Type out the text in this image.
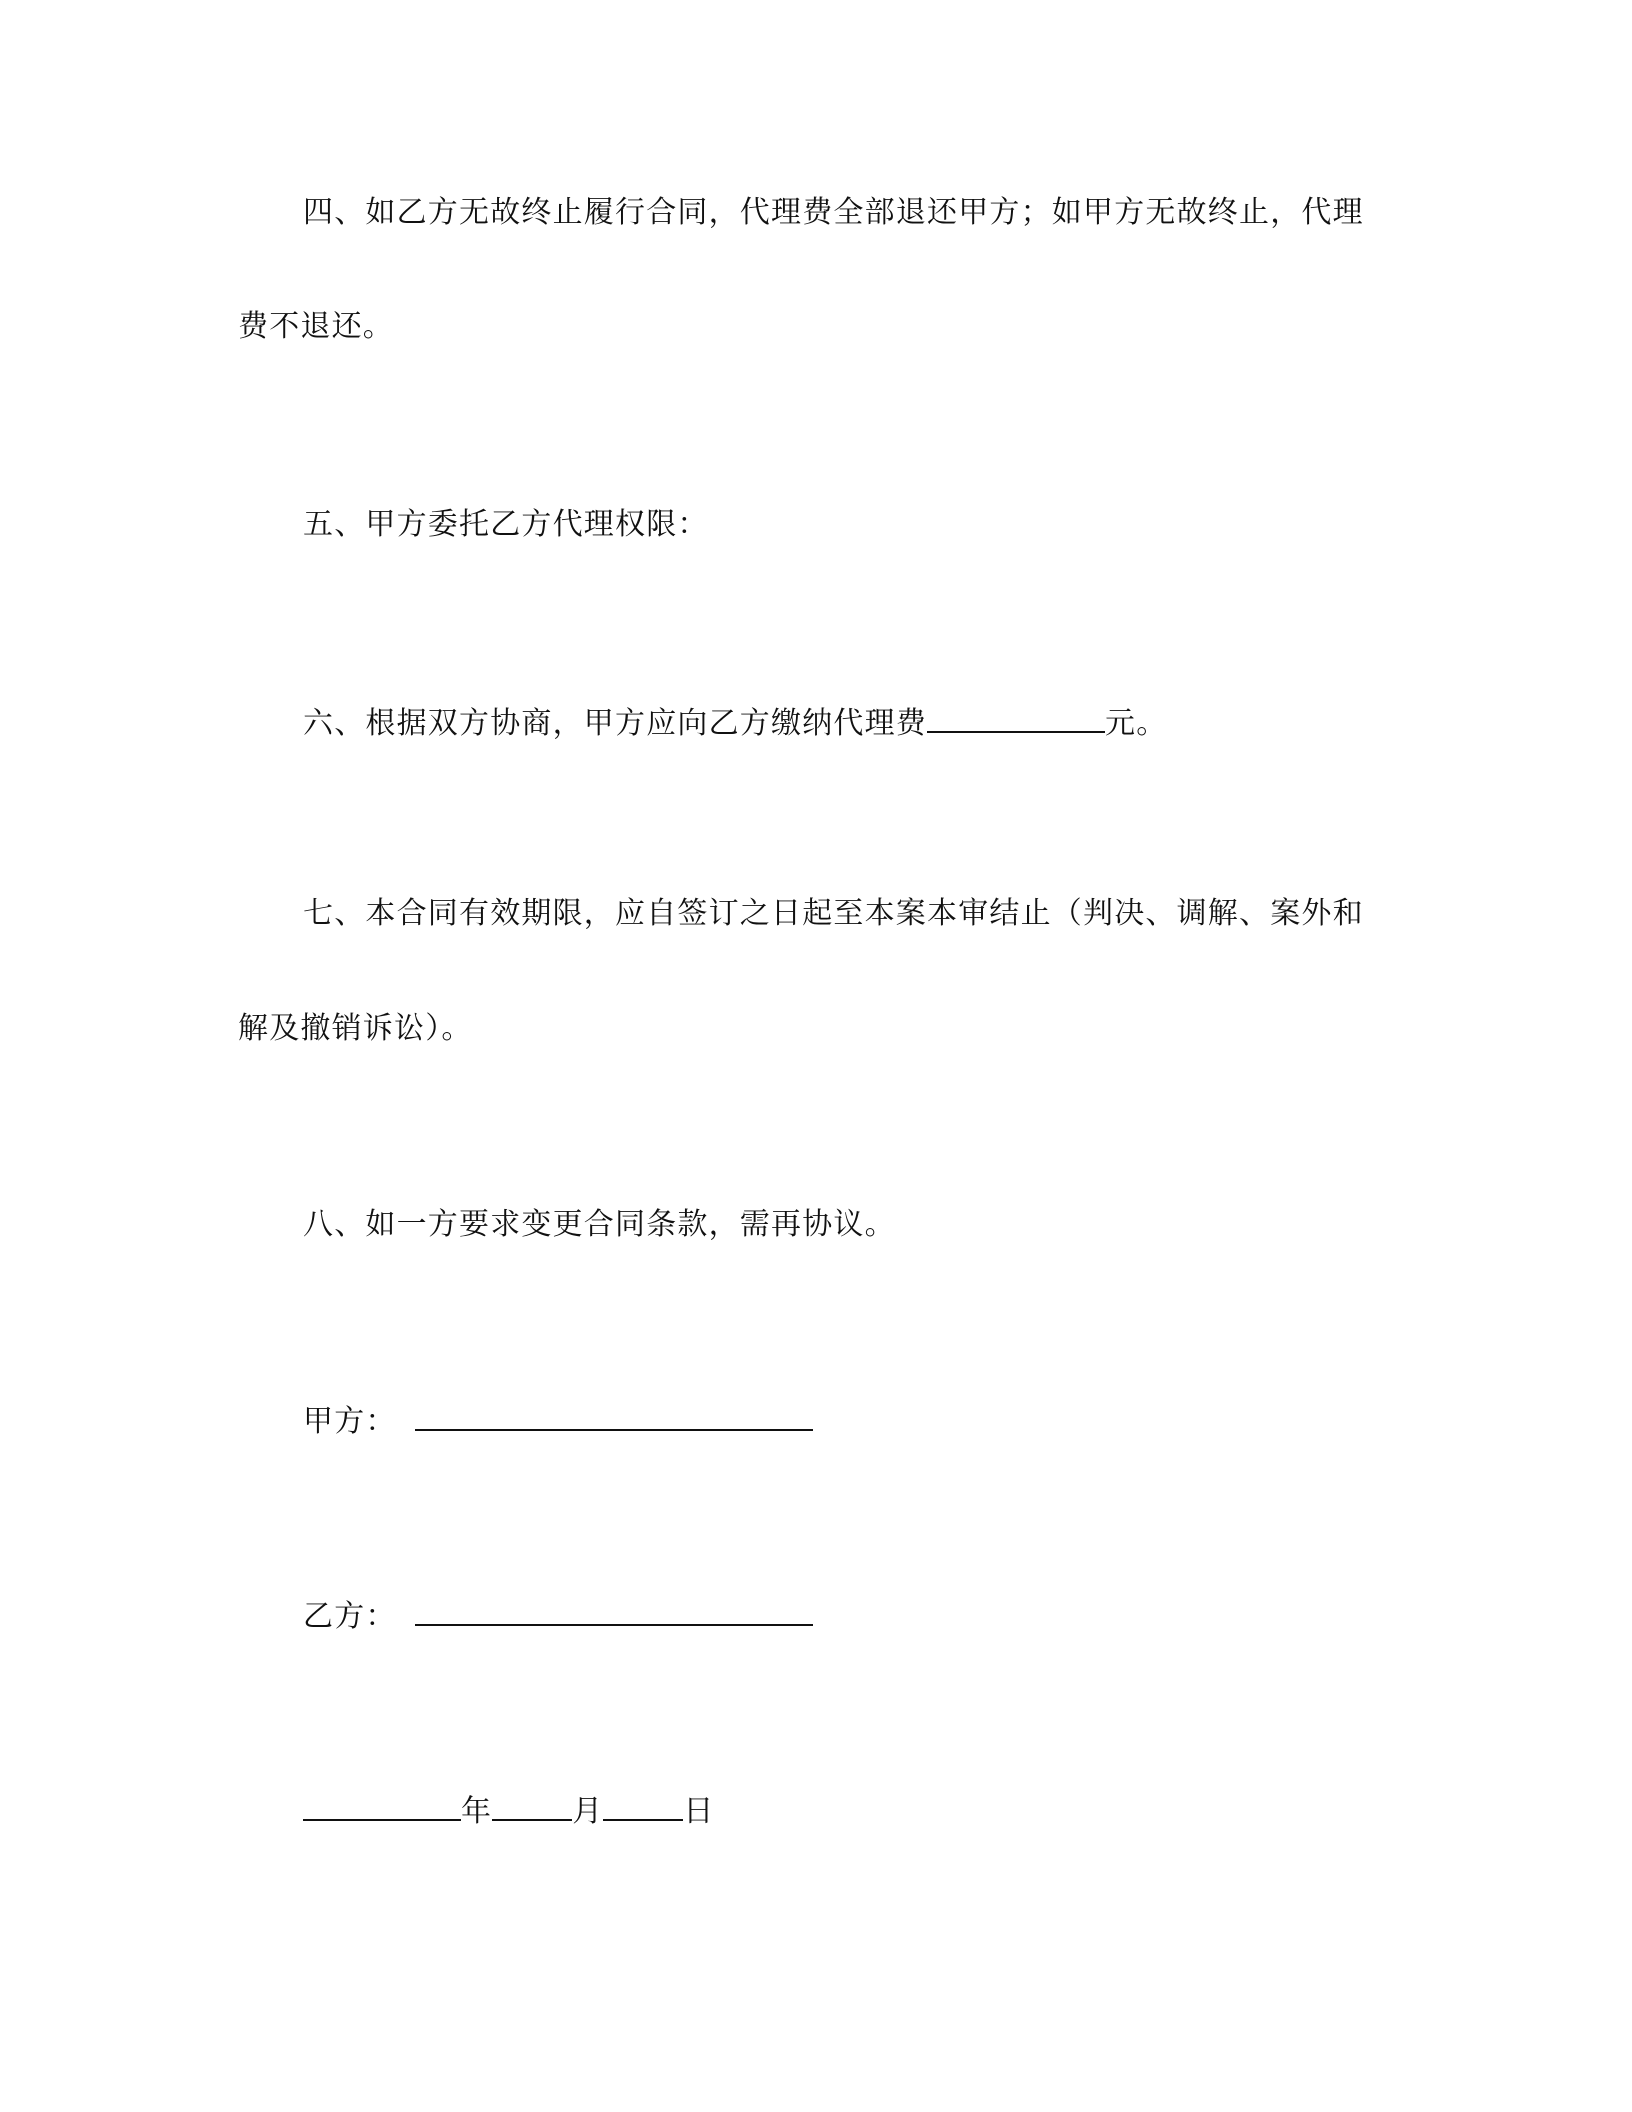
四、如乙方无故终止履行合同，代理费全部退还甲方；如甲方无故终止，代理
费不退还。
五、甲方委托乙方代理权限：
六、根据双方协商，甲方应向乙方缴纳代理费	元。
七、本合同有效期限，应自签订之日起至本案本审结止（判决、调解、案外和
解及撤销诉讼）。
八、如一方要求变更合同条款，需再协议。
甲方：
乙方：
年	月	日
